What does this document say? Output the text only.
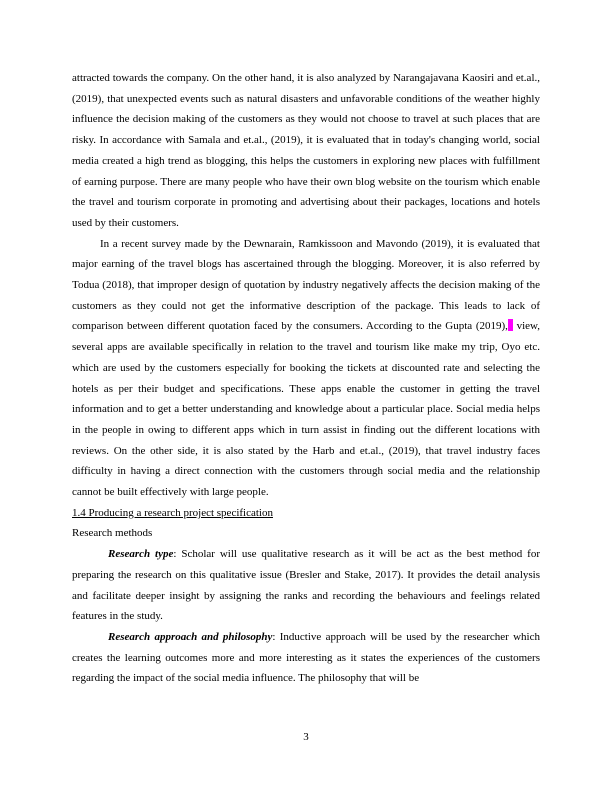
attracted towards the company. On the other hand, it is also analyzed by Narangajavana Kaosiri and et.al., (2019), that unexpected events such as natural disasters and unfavorable conditions of the weather highly influence the decision making of the customers as they would not choose to travel at such places that are risky. In accordance with Samala and et.al., (2019), it is evaluated that in today's changing world, social media created a high trend as blogging, this helps the customers in exploring new places with fulfillment of earning purpose. There are many people who have their own blog website on the tourism which enable the travel and tourism corporate in promoting and advertising about their packages, locations and hotels used by their customers.

In a recent survey made by the Dewnarain, Ramkissoon and Mavondo (2019), it is evaluated that major earning of the travel blogs has ascertained through the blogging. Moreover, it is also referred by Todua (2018), that improper design of quotation by industry negatively affects the decision making of the customers as they could not get the informative description of the package. This leads to lack of comparison between different quotation faced by the consumers. According to the Gupta (2019), view, several apps are available specifically in relation to the travel and tourism like make my trip, Oyo etc. which are used by the customers especially for booking the tickets at discounted rate and selecting the hotels as per their budget and specifications. These apps enable the customer in getting the travel information and to get a better understanding and knowledge about a particular place. Social media helps in the people in owing to different apps which in turn assist in finding out the different locations with reviews. On the other side, it is also stated by the Harb and et.al., (2019), that travel industry faces difficulty in having a direct connection with the customers through social media and the relationship cannot be built effectively with large people.

1.4 Producing a research project specification

Research methods

Research type: Scholar will use qualitative research as it will be act as the best method for preparing the research on this qualitative issue (Bresler and Stake, 2017). It provides the detail analysis and facilitate deeper insight by assigning the ranks and recording the behaviours and feelings related features in the study.

Research approach and philosophy: Inductive approach will be used by the researcher which creates the learning outcomes more and more interesting as it states the experiences of the customers regarding the impact of the social media influence. The philosophy that will be

3
